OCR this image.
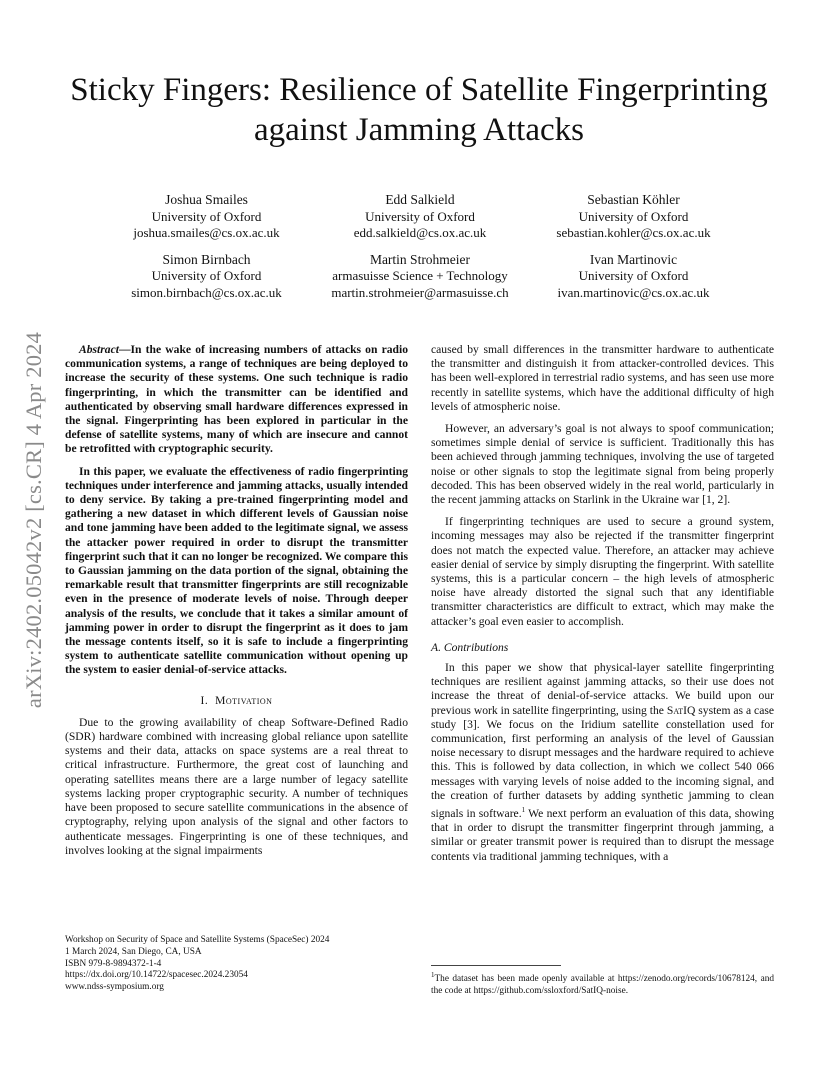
arXiv:2402.05042v2 [cs.CR] 4 Apr 2024
Sticky Fingers: Resilience of Satellite Fingerprinting
against Jamming Attacks
Joshua Smailes
University of Oxford
joshua.smailes@cs.ox.ac.uk
Edd Salkield
University of Oxford
edd.salkield@cs.ox.ac.uk
Sebastian Köhler
University of Oxford
sebastian.kohler@cs.ox.ac.uk
Simon Birnbach
University of Oxford
simon.birnbach@cs.ox.ac.uk
Martin Strohmeier
armasuisse Science + Technology
martin.strohmeier@armasuisse.ch
Ivan Martinovic
University of Oxford
ivan.martinovic@cs.ox.ac.uk

Abstract—In the wake of increasing numbers of attacks on radio communication systems, a range of techniques are being deployed to increase the security of these systems. One such technique is radio fingerprinting, in which the transmitter can be identified and authenticated by observing small hardware differences expressed in the signal. Fingerprinting has been explored in particular in the defense of satellite systems, many of which are insecure and cannot be retrofitted with cryptographic security.

In this paper, we evaluate the effectiveness of radio fingerprinting techniques under interference and jamming attacks, usually intended to deny service. By taking a pre-trained fingerprinting model and gathering a new dataset in which different levels of Gaussian noise and tone jamming have been added to the legitimate signal, we assess the attacker power required in order to disrupt the transmitter fingerprint such that it can no longer be recognized. We compare this to Gaussian jamming on the data portion of the signal, obtaining the remarkable result that transmitter fingerprints are still recognizable even in the presence of moderate levels of noise. Through deeper analysis of the results, we conclude that it takes a similar amount of jamming power in order to disrupt the fingerprint as it does to jam the message contents itself, so it is safe to include a fingerprinting system to authenticate satellite communication without opening up the system to easier denial-of-service attacks.

I. Motivation

Due to the growing availability of cheap Software-Defined Radio (SDR) hardware combined with increasing global reliance upon satellite systems and their data, attacks on space systems are a real threat to critical infrastructure. Furthermore, the great cost of launching and operating satellites means there are a large number of legacy satellite systems lacking proper cryptographic security. A number of techniques have been proposed to secure satellite communications in the absence of cryptography, relying upon analysis of the signal and other factors to authenticate messages. Fingerprinting is one of these techniques, and involves looking at the signal impairments

caused by small differences in the transmitter hardware to authenticate the transmitter and distinguish it from attacker-controlled devices. This has been well-explored in terrestrial radio systems, and has seen use more recently in satellite systems, which have the additional difficulty of high levels of atmospheric noise.

However, an adversary’s goal is not always to spoof communication; sometimes simple denial of service is sufficient. Traditionally this has been achieved through jamming techniques, involving the use of targeted noise or other signals to stop the legitimate signal from being properly decoded. This has been observed widely in the real world, particularly in the recent jamming attacks on Starlink in the Ukraine war [1, 2].

If fingerprinting techniques are used to secure a ground system, incoming messages may also be rejected if the transmitter fingerprint does not match the expected value. Therefore, an attacker may achieve easier denial of service by simply disrupting the fingerprint. With satellite systems, this is a particular concern – the high levels of atmospheric noise have already distorted the signal such that any identifiable transmitter characteristics are difficult to extract, which may make the attacker’s goal even easier to accomplish.

A. Contributions

In this paper we show that physical-layer satellite fingerprinting techniques are resilient against jamming attacks, so their use does not increase the threat of denial-of-service attacks. We build upon our previous work in satellite fingerprinting, using the SatIQ system as a case study [3]. We focus on the Iridium satellite constellation used for communication, first performing an analysis of the level of Gaussian noise necessary to disrupt messages and the hardware required to achieve this. This is followed by data collection, in which we collect 540 066 messages with varying levels of noise added to the incoming signal, and the creation of further datasets by adding synthetic jamming to clean signals in software.$^1$ We next perform an evaluation of this data, showing that in order to disrupt the transmitter fingerprint through jamming, a similar or greater transmit power is required than to disrupt the message contents via traditional jamming techniques, with a

Workshop on Security of Space and Satellite Systems (SpaceSec) 2024
1 March 2024, San Diego, CA, USA
ISBN 979-8-9894372-1-4
https://dx.doi.org/10.14722/spacesec.2024.23054
www.ndss-symposium.org
$^1$The dataset has been made openly available at https://zenodo.org/records/10678124, and the code at https://github.com/ssloxford/SatIQ-noise.
